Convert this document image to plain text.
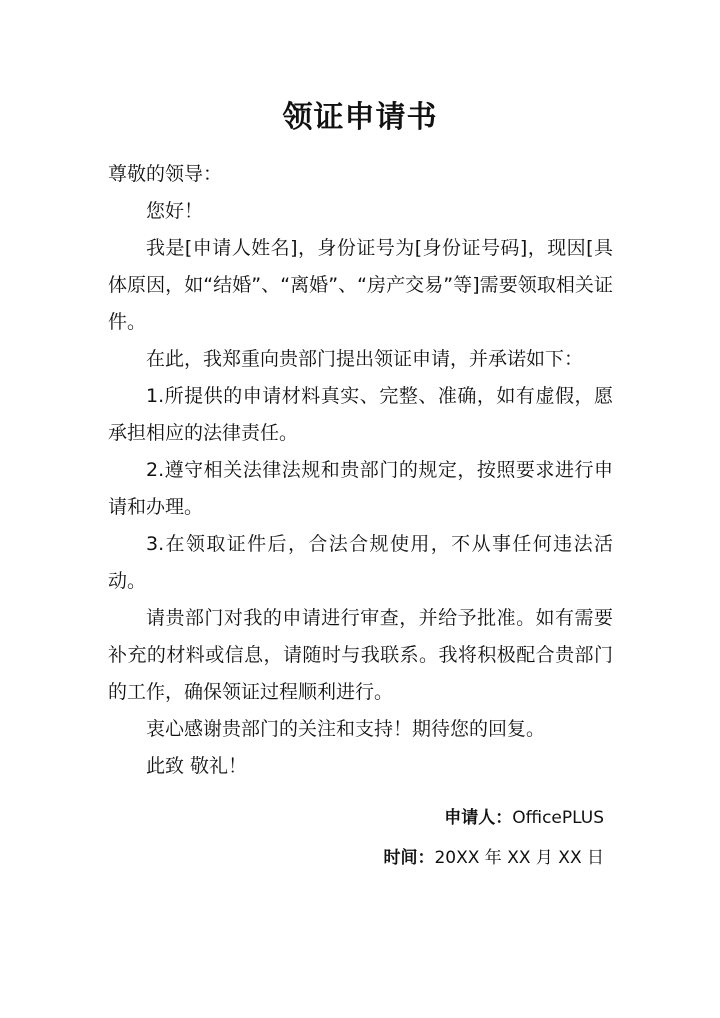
领证申请书

尊敬的领导：

您好！

我是[申请人姓名]，身份证号为[身份证号码]，现因[具体原因，如“结婚”、“离婚”、“房产交易”等]需要领取相关证件。

在此，我郑重向贵部门提出领证申请，并承诺如下：

1.所提供的申请材料真实、完整、准确，如有虚假，愿承担相应的法律责任。

2.遵守相关法律法规和贵部门的规定，按照要求进行申请和办理。

3.在领取证件后，合法合规使用，不从事任何违法活动。

请贵部门对我的申请进行审查，并给予批准。如有需要补充的材料或信息，请随时与我联系。我将积极配合贵部门的工作，确保领证过程顺利进行。

衷心感谢贵部门的关注和支持！期待您的回复。

此致 敬礼！

申请人：OfficePLUS
时间：20XX 年 XX 月 XX 日
